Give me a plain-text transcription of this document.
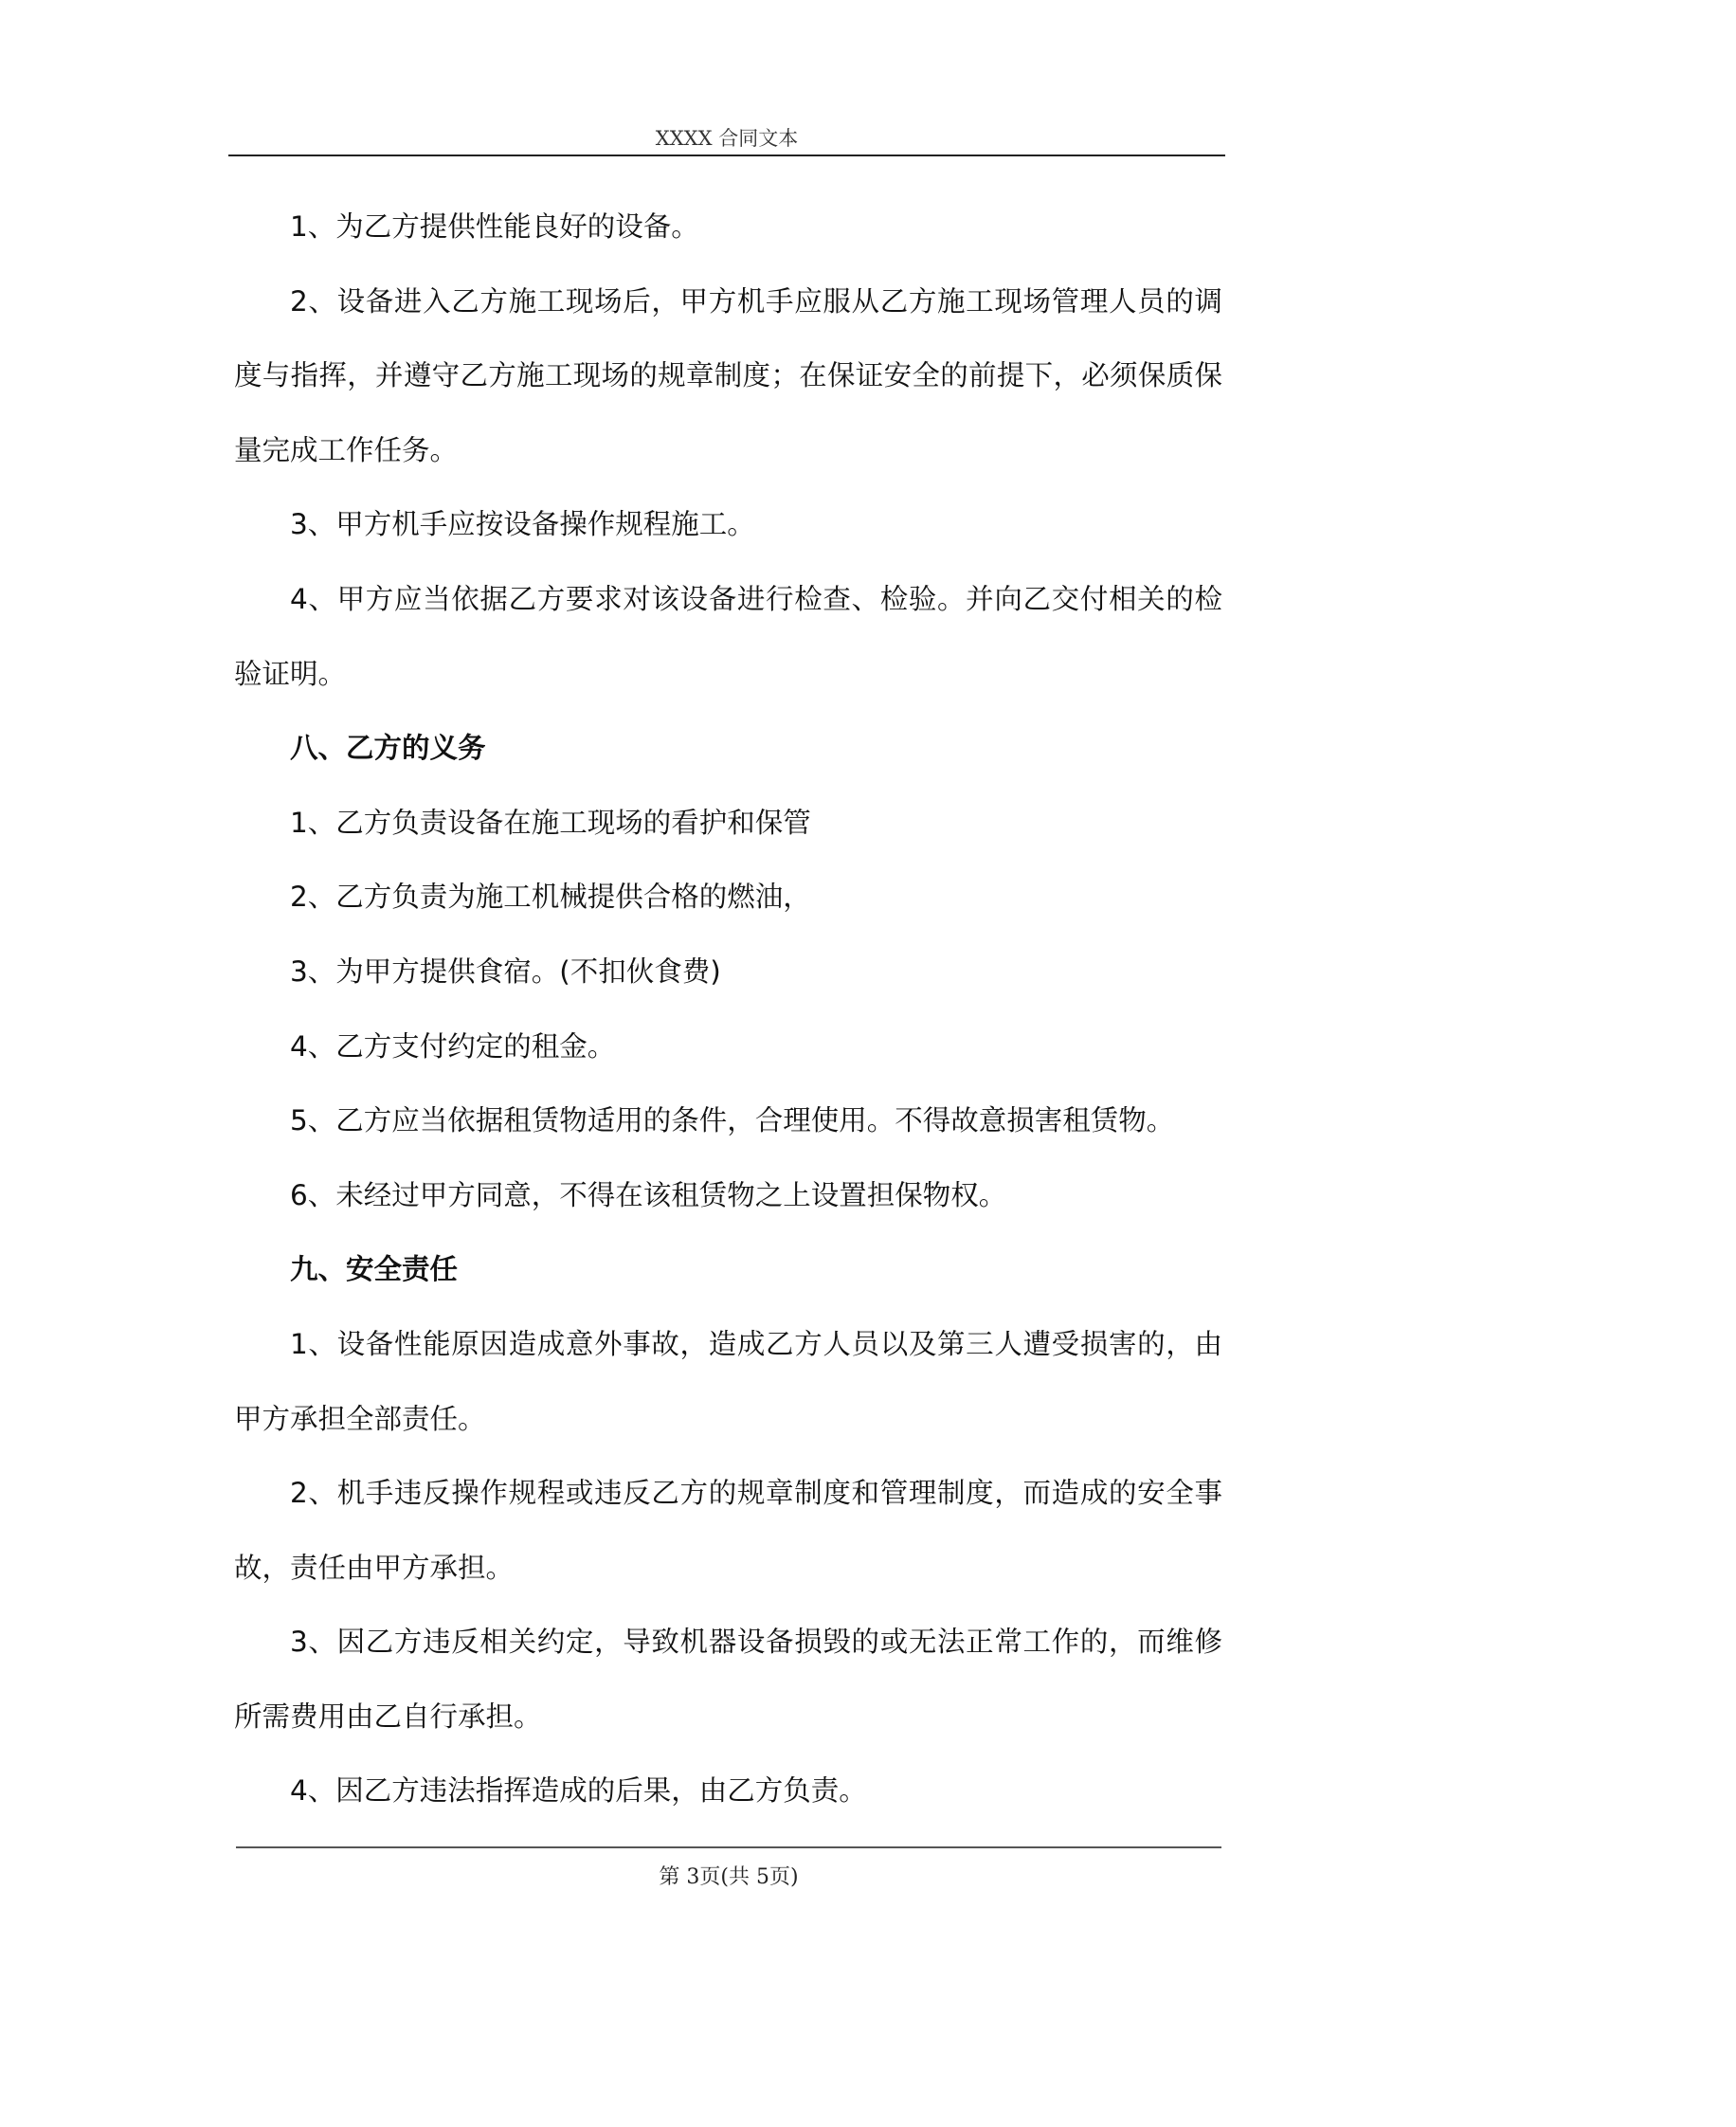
XXXX 合同文本
1、为乙方提供性能良好的设备。
2、设备进入乙方施工现场后，甲方机手应服从乙方施工现场管理人员的调
度与指挥，并遵守乙方施工现场的规章制度；在保证安全的前提下，必须保质保
量完成工作任务。
3、甲方机手应按设备操作规程施工。
4、甲方应当依据乙方要求对该设备进行检查、检验。并向乙交付相关的检
验证明。
八、乙方的义务
1、乙方负责设备在施工现场的看护和保管
2、乙方负责为施工机械提供合格的燃油，
3、为甲方提供食宿。(不扣伙食费)
4、乙方支付约定的租金。
5、乙方应当依据租赁物适用的条件，合理使用。不得故意损害租赁物。
6、未经过甲方同意，不得在该租赁物之上设置担保物权。
九、安全责任
1、设备性能原因造成意外事故，造成乙方人员以及第三人遭受损害的，由
甲方承担全部责任。
2、机手违反操作规程或违反乙方的规章制度和管理制度，而造成的安全事
故，责任由甲方承担。
3、因乙方违反相关约定，导致机器设备损毁的或无法正常工作的，而维修
所需费用由乙自行承担。
4、因乙方违法指挥造成的后果，由乙方负责。
第 3页(共 5页)
